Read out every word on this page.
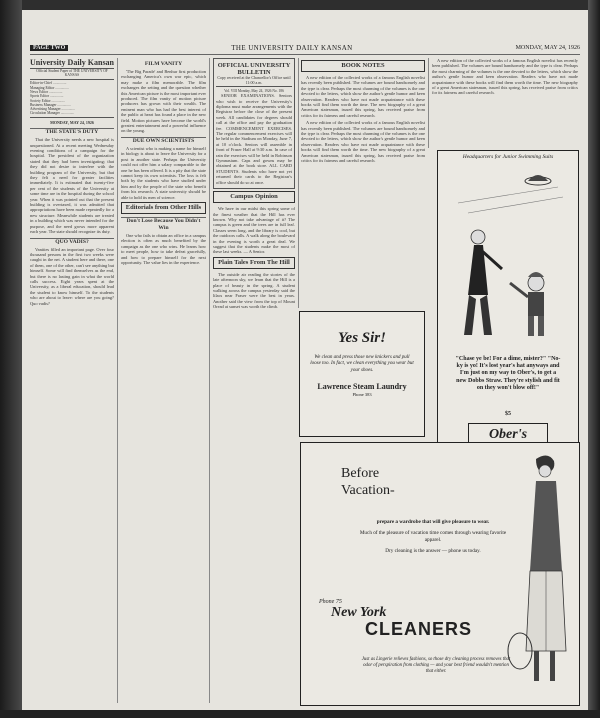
PAGE TWO	THE UNIVERSITY DAILY KANSAN	MONDAY, MAY 24, 1926
University Daily Kansan
Official Student Paper of THE UNIVERSITY OF KANSAS
Editor-in-Chief ...............
Managing Editor ...............
News Editor ...............
Sports Editor ...............
Society Editor ...............
Business Manager ...............
Advertising Manager ...............
Circulation Manager ...............
MONDAY, MAY 24, 1926
THE STATE'S DUTY

That the University needs a new hospital is unquestioned. At a recent meeting Wednesday evening conditions of a campaign for the hospital. The president of the organization stated that they had been investigating; that they did not desire to interfere with the building program of the University, but that they felt a need for greater facilities immediately. It is estimated that twenty-five per cent of the students of the University at some time are in the hospital during the school year. When it was pointed out that the present building is overtaxed, it was admitted that appropriations have been made repeatedly for a new structure. Meanwhile students are treated in a building which was never intended for the purpose, and the need grows more apparent each year. The state should recognize its duty.

QUO VADIS?

Vanities filled an important page. Over four thousand persons in the first two weeks were caught in the net. A student here and there, one of them, one of the other, can't see anything but himself. Some will find themselves as the end, but there is no lasting gain in what the world calls success. Eight years spent at the University, as a liberal education, should lead the student to know himself. To the students who are about to leave: where are you going? Quo vadis?

FILM VANITY

'The Big Parade' and Benhur first production exchanging America's own war epic, which may make a film memorable. The film exchanges the setting and the question whether this American picture is the most important ever produced. The film vanity of motion picture producers has grown with their wealth. The eminent man who has had the best interest of the public at heart has found a place in the new field. Motion pictures have become the world's greatest entertainment and a powerful influence on the young.

DUE OWN SCIENTISTS

A scientist who is making a name for himself in biology is about to leave the University for a post in another state. Perhaps the University could not offer him a salary comparable to the one he has been offered. It is a pity that the state cannot keep its own scientists. The loss is felt both by the students who have studied under him and by the people of the state who benefit from his research. A state university should be able to hold its men of science.

Editorials from Other Hills
Don't Lose Because You Didn't Win

One who fails to obtain an office in a campus election is often as much benefited by the campaign as the one who wins. He learns how to meet people, how to take defeat gracefully, and how to prepare himself for the next opportunity. The value lies in the experience.

OFFICIAL UNIVERSITY BULLETIN
Copy received at the Chancellor's Office until 11:00 a.m.
Vol. VIII Monday, May 24, 1926 No. 186

SENIOR EXAMINATIONS. Seniors who wish to receive the University's diploma must make arrangements with the Registrar before the close of the present week. All candidates for degrees should call at the office and pay the graduation fee. COMMENCEMENT EXERCISES. The regular commencement exercises will be held in the Stadium on Monday, June 7, at 10 o'clock. Seniors will assemble in front of Fraser Hall at 9:30 a.m. In case of rain the exercises will be held in Robinson Gymnasium. Caps and gowns may be obtained at the book store. ALL CARD STUDENTS. Students who have not yet returned their cards to the Registrar's office should do so at once.

Campus Opinion

We have in our midst this spring some of the finest weather that the Hill has ever known. Why not take advantage of it? The campus is green and the trees are in full leaf. Classes seem long, and the library is cool, but the outdoors calls. A walk along the boulevard in the evening is worth a great deal. We suggest that the students make the most of these last weeks. — A Senior.

Plain Tales From The Hill

The outside air reading the stories of the late afternoon sky, we learn that the Hill is a place of beauty in the spring. A student walking across the campus yesterday said the lilacs near Fraser were the best in years. Another said the view from the top of Mount Oread at sunset was worth the climb.

BOOK NOTES

A new edition of the collected works of a famous English novelist has recently been published. The volumes are bound handsomely and the type is clear. Perhaps the most charming of the volumes is the one devoted to the letters, which show the author's gentle humor and keen observation. Readers who have not made acquaintance with these books will find them worth the time. The new biography of a great American statesman, issued this spring, has received praise from critics for its fairness and careful research.

A new edition of the collected works of a famous English novelist has recently been published. The volumes are bound handsomely and the type is clear. Perhaps the most charming of the volumes is the one devoted to the letters, which show the author's gentle humor and keen observation. Readers who have not made acquaintance with these books will find them worth the time. The new biography of a great American statesman, issued this spring, has received praise from critics for its fairness and careful research.

A new edition of the collected works of a famous English novelist has recently been published. The volumes are bound handsomely and the type is clear. Perhaps the most charming of the volumes is the one devoted to the letters, which show the author's gentle humor and keen observation. Readers who have not made acquaintance with these books will find them worth the time. The new biography of a great American statesman, issued this spring, has received praise from critics for its fairness and careful research.

Headquarters for Junior Swimming Suits
"Chase ye be! For a dime, mister?" "No-ky is yo! It's lost year's hat anyways and I'm just on my way to Ober's, to get a new Dobbs Straw. They're stylish and fit on they won't blow off!"
$5
Ober's
Yes Sir!
We clean and press those new knickers and pull loose too. In fact, we clean everything you wear but your shoes.
Lawrence Steam Laundry
Phone 383
Before
Vacation-

prepare a wardrobe that will give pleasure to wear.

Much of the pleasure of vacation time comes through wearing favorite apparel.

Dry cleaning is the answer — phone us today.

Phone 75
New York
CLEANERS
Just as Lingerie relieves fashions, so those dry cleaning process removes that odor of perspiration from clothing — and your best friend wouldn't mention that either.
